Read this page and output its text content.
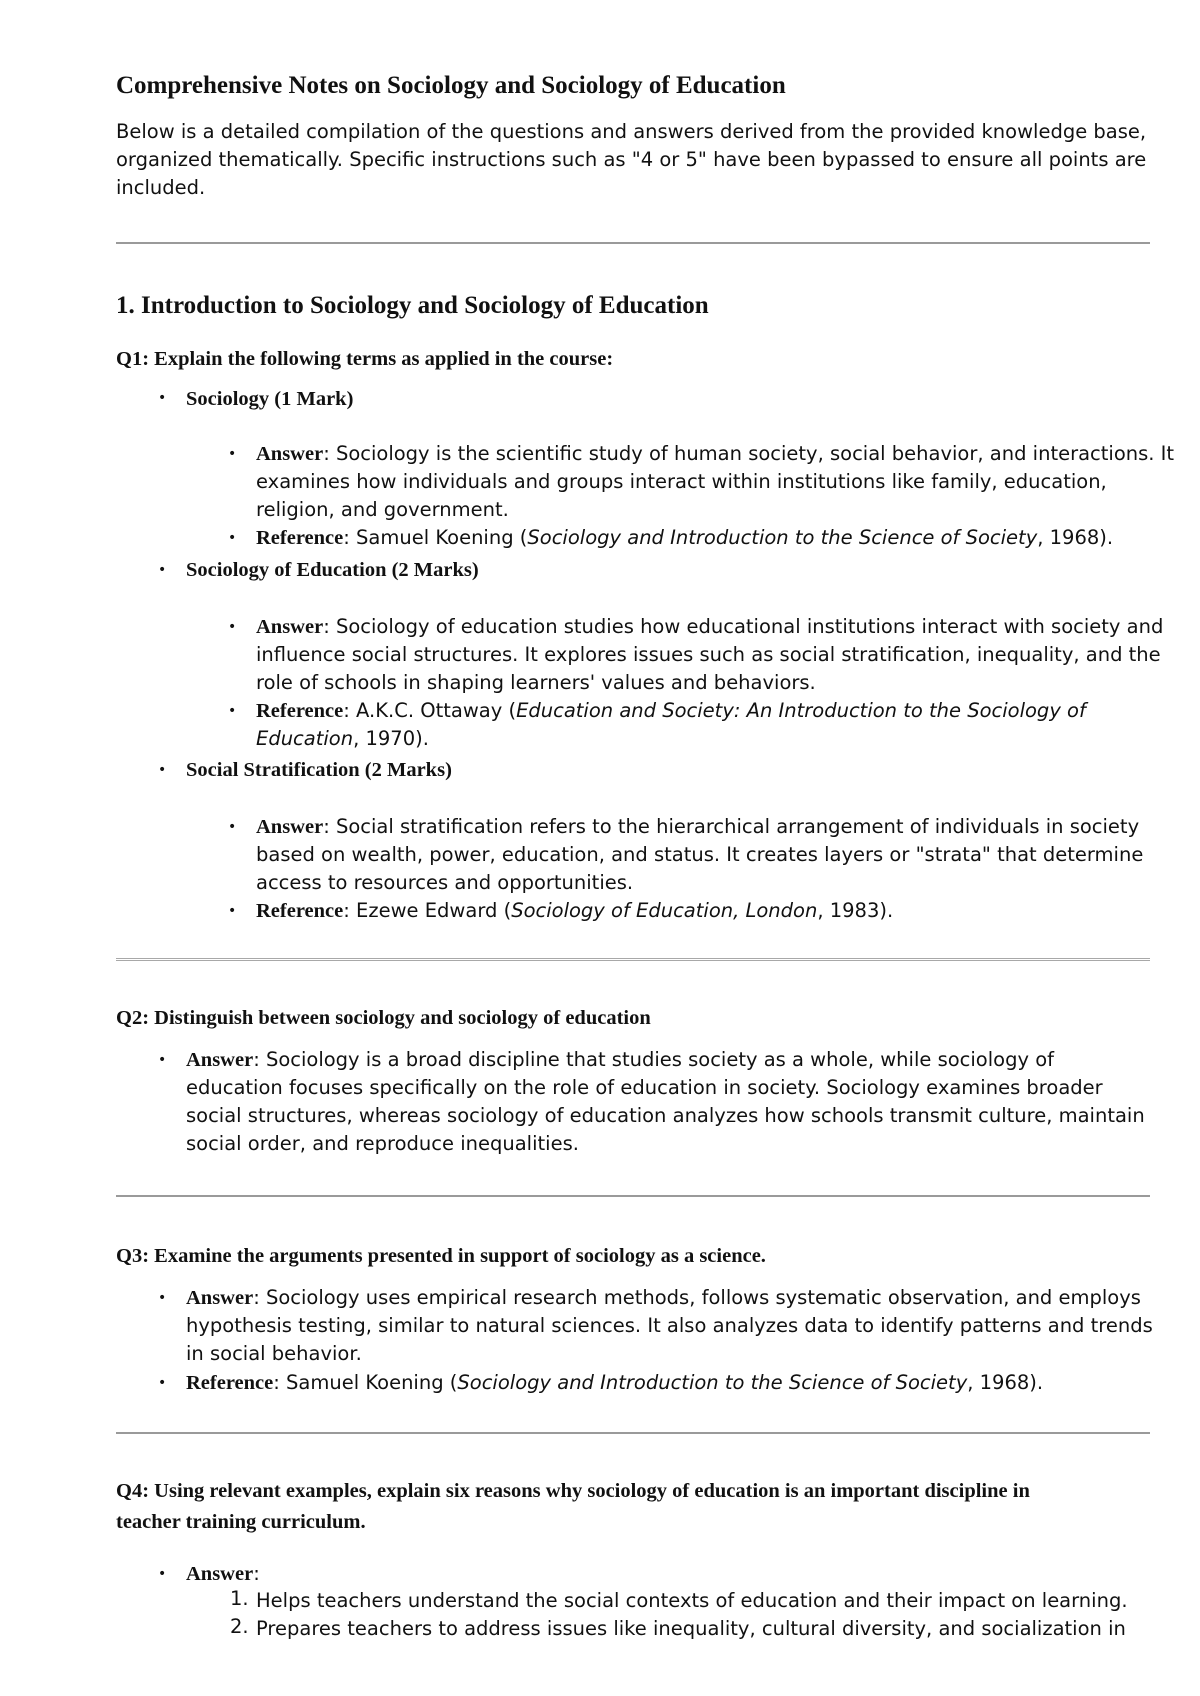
Comprehensive Notes on Sociology and Sociology of Education

Below is a detailed compilation of the questions and answers derived from the provided knowledge base, organized thematically. Specific instructions such as "4 or 5" have been bypassed to ensure all points are included.

1. Introduction to Sociology and Sociology of Education

Q1: Explain the following terms as applied in the course:

• Sociology (1 Mark)
• Answer: Sociology is the scientific study of human society, social behavior, and interactions. It examines how individuals and groups interact within institutions like family, education, religion, and government.
• Reference: Samuel Koening (Sociology and Introduction to the Science of Society, 1968).
• Sociology of Education (2 Marks)
• Answer: Sociology of education studies how educational institutions interact with society and influence social structures. It explores issues such as social stratification, inequality, and the role of schools in shaping learners' values and behaviors.
• Reference: A.K.C. Ottaway (Education and Society: An Introduction to the Sociology of Education, 1970).
• Social Stratification (2 Marks)
• Answer: Social stratification refers to the hierarchical arrangement of individuals in society based on wealth, power, education, and status. It creates layers or "strata" that determine access to resources and opportunities.
• Reference: Ezewe Edward (Sociology of Education, London, 1983).

Q2: Distinguish between sociology and sociology of education

• Answer: Sociology is a broad discipline that studies society as a whole, while sociology of education focuses specifically on the role of education in society. Sociology examines broader social structures, whereas sociology of education analyzes how schools transmit culture, maintain social order, and reproduce inequalities.

Q3: Examine the arguments presented in support of sociology as a science.

• Answer: Sociology uses empirical research methods, follows systematic observation, and employs hypothesis testing, similar to natural sciences. It also analyzes data to identify patterns and trends in social behavior.
• Reference: Samuel Koening (Sociology and Introduction to the Science of Society, 1968).

Q4: Using relevant examples, explain six reasons why sociology of education is an important discipline in teacher training curriculum.

• Answer:
1. Helps teachers understand the social contexts of education and their impact on learning.
2. Prepares teachers to address issues like inequality, cultural diversity, and socialization in
